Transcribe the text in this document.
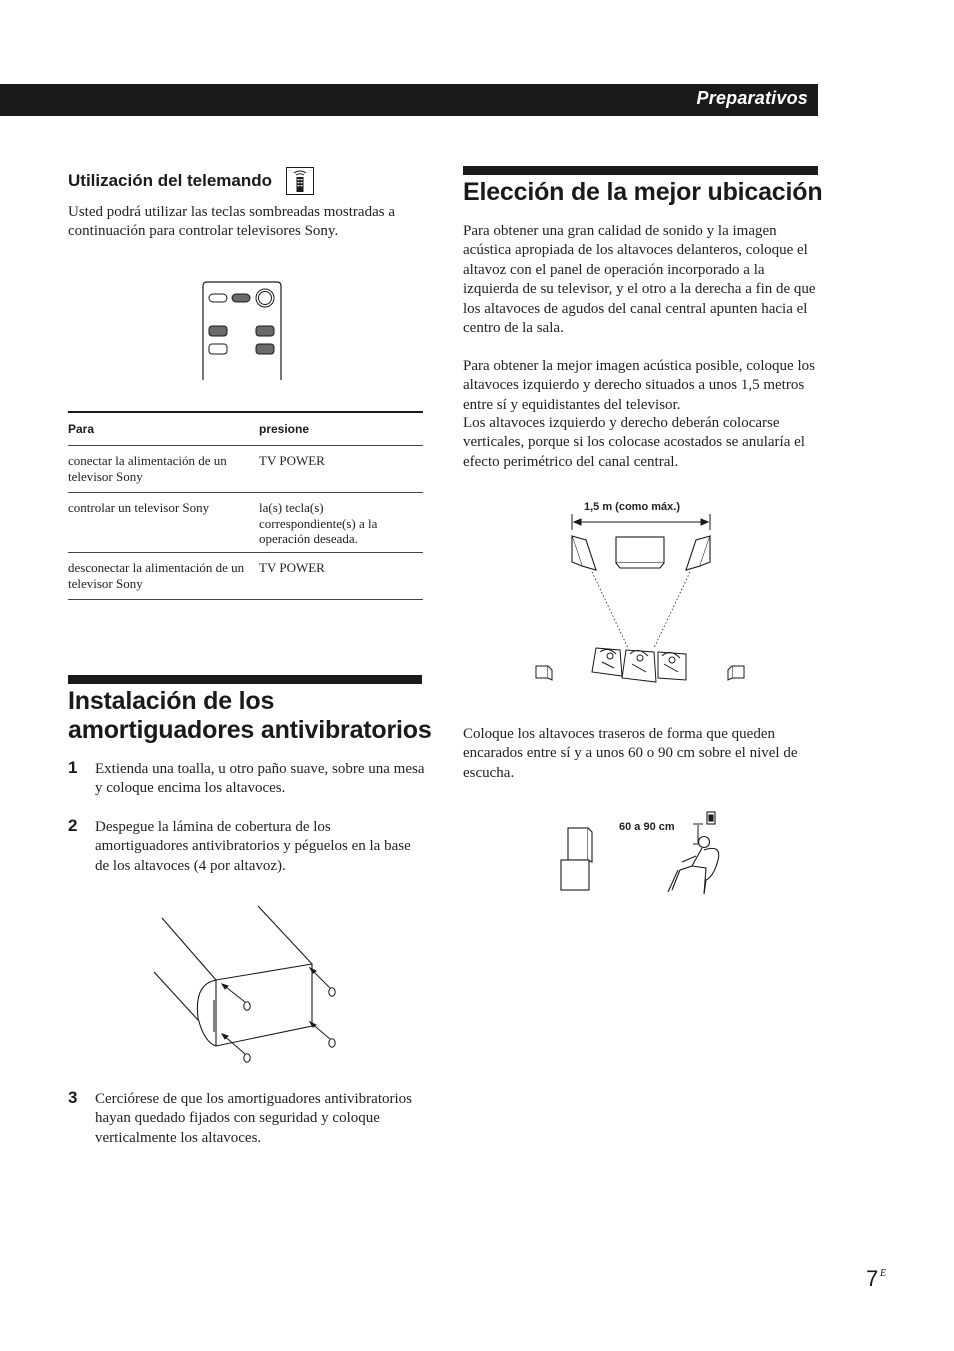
Preparativos
Utilización del telemando
Usted podrá utilizar las teclas sombreadas mostradas a continuación para controlar televisores Sony.
Para	presione
conectar la alimentación de un televisor Sony
TV POWER
controlar un televisor Sony	la(s) tecla(s) correspondiente(s) a la operación deseada.
desconectar la alimentación de un televisor Sony
TV POWER
Instalación de los amortiguadores antivibratorios
1 Extienda una toalla, u otro paño suave, sobre una mesa y coloque encima los altavoces.
2 Despegue la lámina de cobertura de los amortiguadores antivibratorios y péguelos en la base de los altavoces (4 por altavoz).
3 Cerciórese de que los amortiguadores antivibratorios hayan quedado fijados con seguridad y coloque verticalmente los altavoces.
Elección de la mejor ubicación
Para obtener una gran calidad de sonido y la imagen acústica apropiada de los altavoces delanteros, coloque el altavoz con el panel de operación incorporado a la izquierda de su televisor, y el otro a la derecha a fin de que los altavoces de agudos del canal central apunten hacia el centro de la sala.
Para obtener la mejor imagen acústica posible, coloque los altavoces izquierdo y derecho situados a unos 1,5 metros entre sí y equidistantes del televisor.
Los altavoces izquierdo y derecho deberán colocarse verticales, porque si los colocase acostados se anularía el efecto perimétrico del canal central.
1,5 m (como máx.)
Coloque los altavoces traseros de forma que queden encarados entre sí y a unos 60 o 90 cm sobre el nivel de escucha.
60 a 90 cm
7 E
